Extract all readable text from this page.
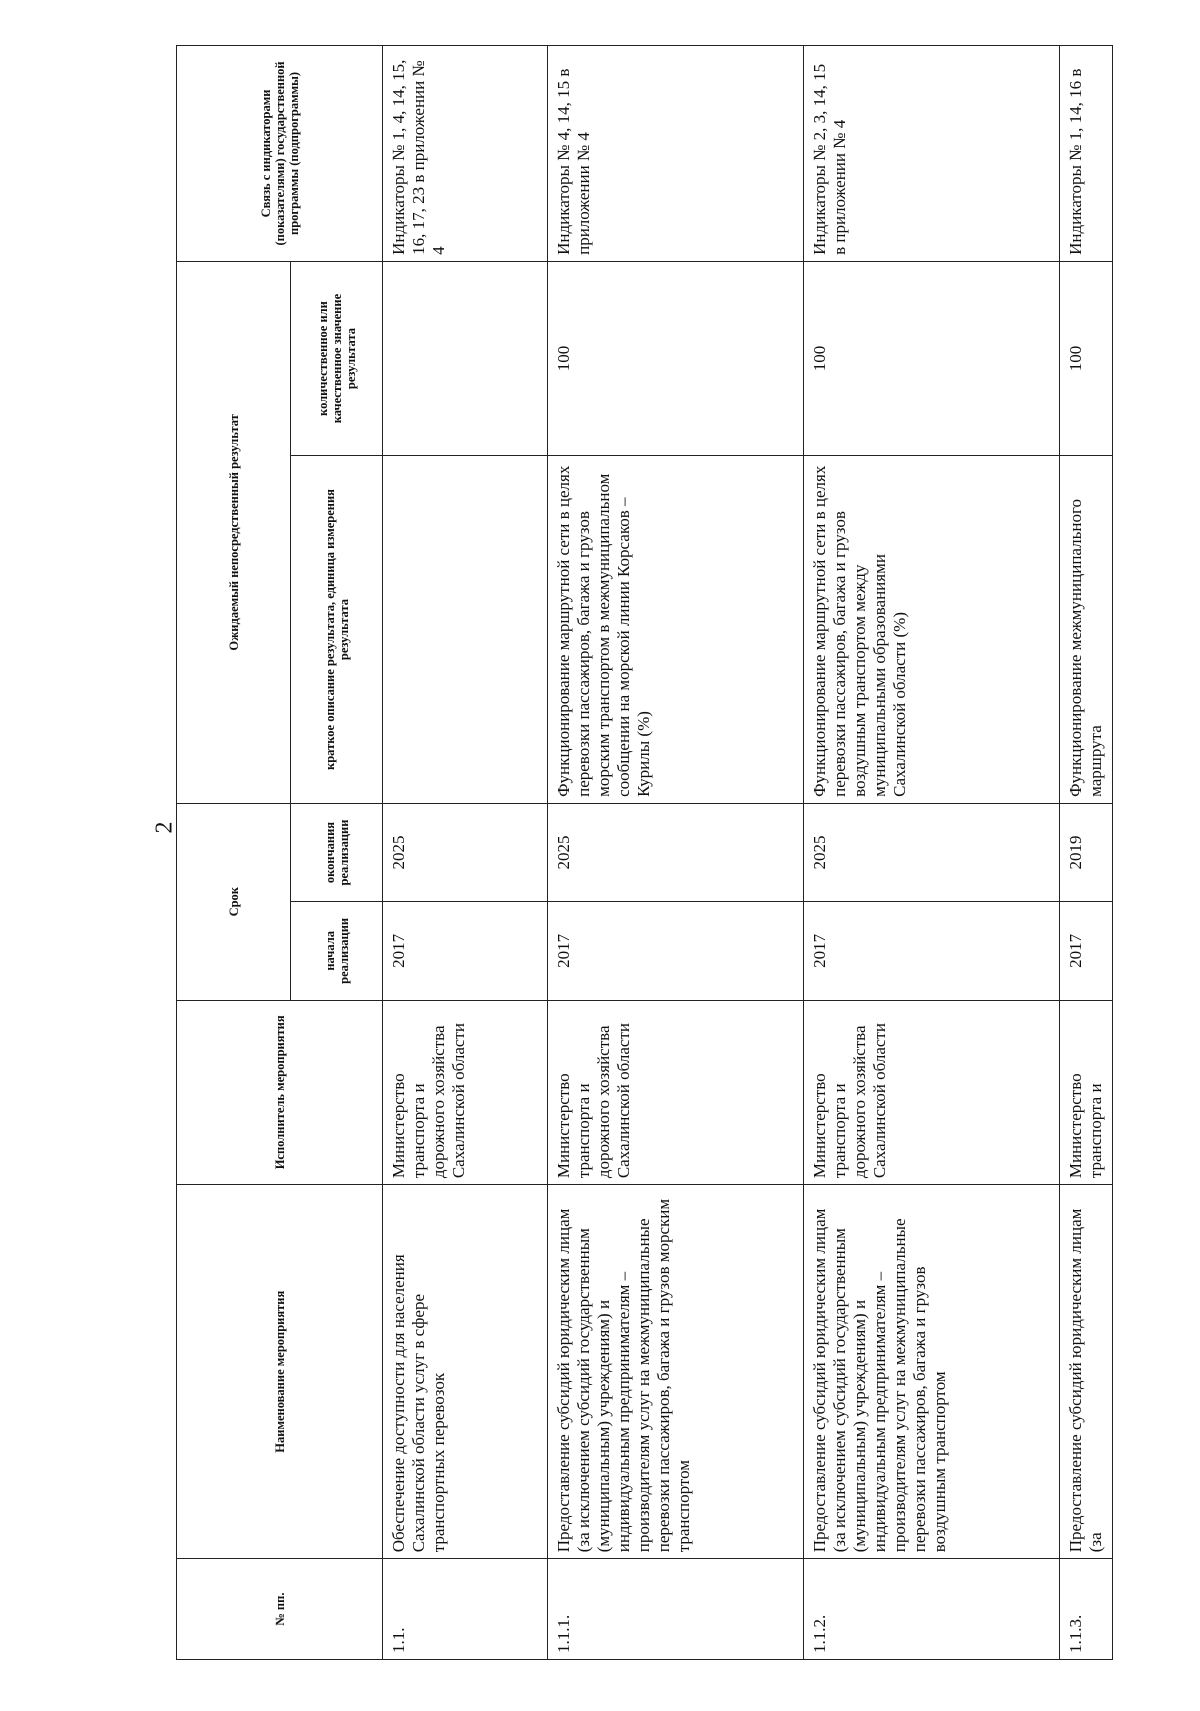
2
№ пп.	Наименование мероприятия	Исполнитель мероприятия	Срок		Ожидаемый непосредственный результат		Связь с индикаторами (показателями) государственной программы (подпрограммы)
			начала реализации	окончания реализации	краткое описание результата, единица измерения результата	количественное или качественное значение результата	
1.1.	Обеспечение доступности для населения Сахалинской области услуг в сфере транспортных перевозок	Министерство транспорта и дорожного хозяйства Сахалинской области	2017	2025			Индикаторы № 1, 4, 14, 15, 16, 17, 23 в приложении № 4
1.1.1.	Предоставление субсидий юридическим лицам (за исключением субсидий государственным (муниципальным) учреждениям) и индивидуальным предпринимателям – производителям услуг на межмуниципальные перевозки пассажиров, багажа и грузов морским транспортом	Министерство транспорта и дорожного хозяйства Сахалинской области	2017	2025	Функционирование маршрутной сети в целях перевозки пассажиров, багажа и грузов морским транспортом в межмуниципальном сообщении на морской линии Корсаков – Курилы (%)	100	Индикаторы № 4, 14, 15 в приложении № 4
1.1.2.	Предоставление субсидий юридическим лицам (за исключением субсидий государственным (муниципальным) учреждениям) и индивидуальным предпринимателям – производителям услуг на межмуниципальные перевозки пассажиров, багажа и грузов воздушным транспортом	Министерство транспорта и дорожного хозяйства Сахалинской области	2017	2025	Функционирование маршрутной сети в целях перевозки пассажиров, багажа и грузов воздушным транспортом между муниципальными образованиями Сахалинской области (%)	100	Индикаторы № 2, 3, 14, 15 в приложении № 4
1.1.3.	Предоставление субсидий юридическим лицам (за	Министерство транспорта и	2017	2019	Функционирование межмуниципального маршрута	100	Индикаторы № 1, 14, 16 в
